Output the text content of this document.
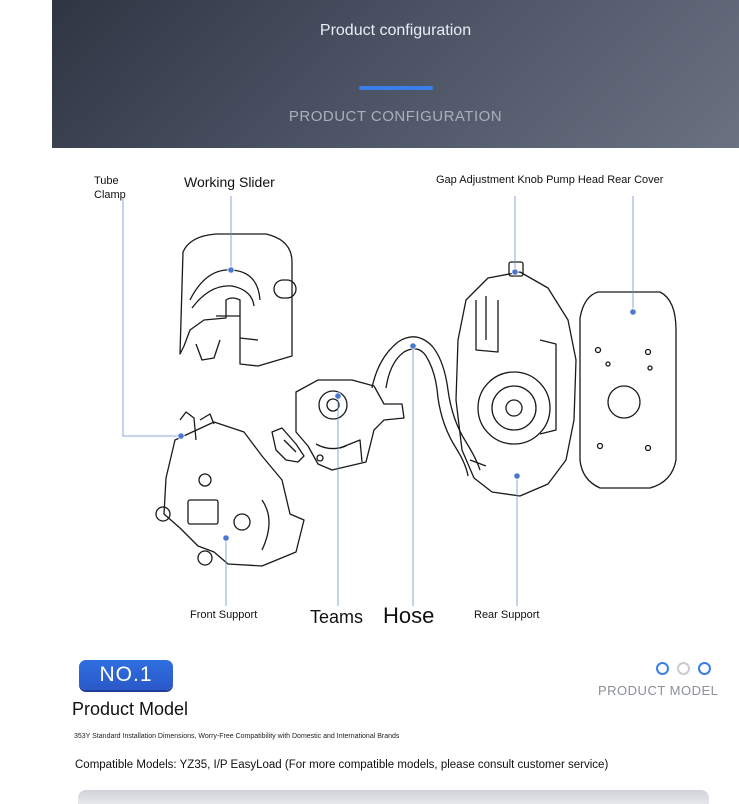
Product configuration
PRODUCT CONFIGURATION
Tube
Clamp
Working Slider	Gap Adjustment Knob Pump Head Rear Cover
Front Support	Teams Hose	Rear Support
NO.1
PRODUCT MODEL
Product Model
353Y Standard Installation Dimensions, Worry-Free Compatibility with Domestic and International Brands
Compatible Models: YZ35, I/P EasyLoad (For more compatible models, please consult customer service)
